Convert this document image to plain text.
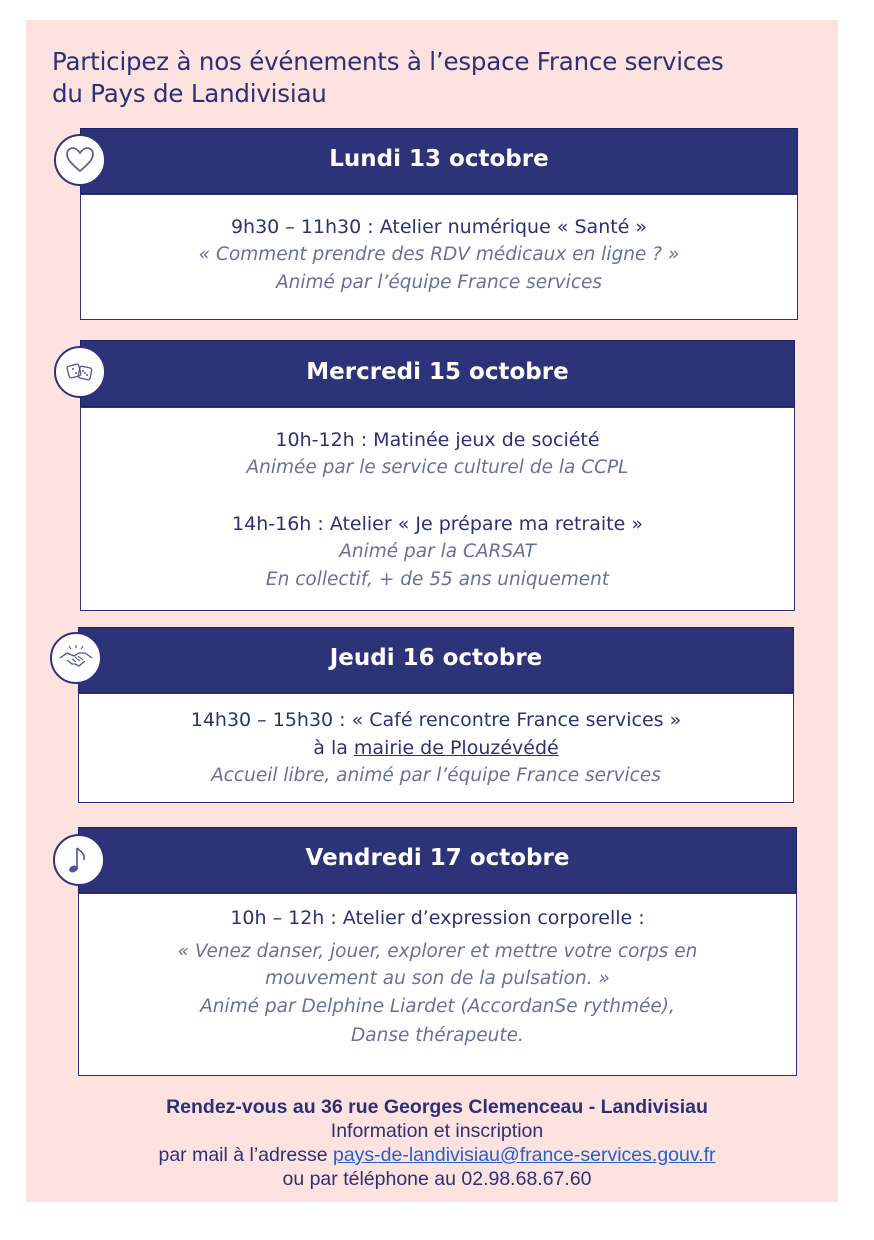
Participez à nos événements à l’espace France services
du Pays de Landivisiau
Lundi 13 octobre
9h30 – 11h30 : Atelier numérique « Santé »
« Comment prendre des RDV médicaux en ligne ? »
Animé par l’équipe France services
Mercredi 15 octobre
10h-12h : Matinée jeux de société
Animée par le service culturel de la CCPL
14h-16h : Atelier « Je prépare ma retraite »
Animé par la CARSAT
En collectif, + de 55 ans uniquement
Jeudi 16 octobre
14h30 – 15h30 : « Café rencontre France services »
à la mairie de Plouzévédé
Accueil libre, animé par l’équipe France services
Vendredi 17 octobre
10h – 12h : Atelier d’expression corporelle :
« Venez danser, jouer, explorer et mettre votre corps en
mouvement au son de la pulsation. »
Animé par Delphine Liardet (AccordanSe rythmée),
Danse thérapeute.
Rendez-vous au 36 rue Georges Clemenceau - Landivisiau
Information et inscription
par mail à l’adresse pays-de-landivisiau@france-services.gouv.fr
ou par téléphone au 02.98.68.67.60
